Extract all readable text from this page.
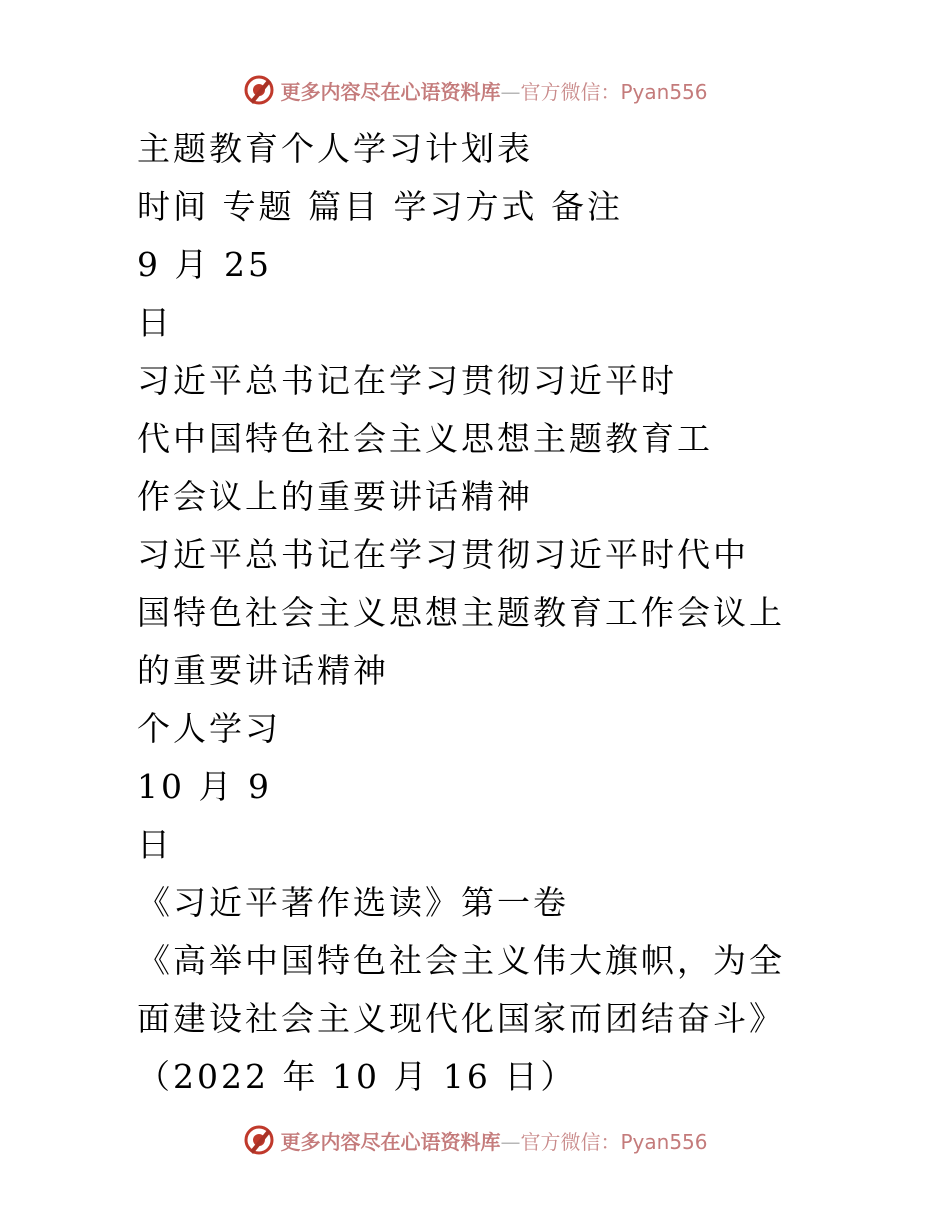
更多内容尽在心语资料库—官方微信：Pyan556
主题教育个人学习计划表
时间 专题 篇目 学习方式 备注
9 月 25
日
习近平总书记在学习贯彻习近平时
代中国特色社会主义思想主题教育工
作会议上的重要讲话精神
习近平总书记在学习贯彻习近平时代中
国特色社会主义思想主题教育工作会议上
的重要讲话精神
个人学习
10 月 9
日
《习近平著作选读》第一卷
《高举中国特色社会主义伟大旗帜，为全
面建设社会主义现代化国家而团结奋斗》
（2022 年 10 月 16 日）
更多内容尽在心语资料库—官方微信：Pyan556
